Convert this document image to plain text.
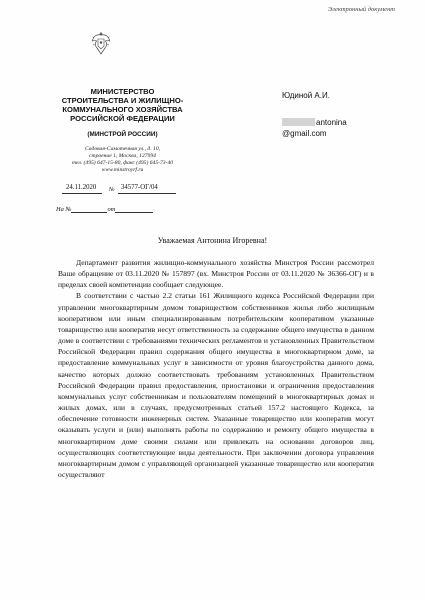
Электронный документ
МИНИСТЕРСТВО
СТРОИТЕЛЬСТВА И ЖИЛИЩНО-
КОММУНАЛЬНОГО ХОЗЯЙСТВА
РОССИЙСКОЙ ФЕДЕРАЦИИ
(МИНСТРОЙ РОССИИ)
Садовая-Самотечная ул., д. 10,
строение 1, Москва, 127994
тел. (495) 647-15-80, факс (495) 645-73-40
www.minstroyrf.ru
24.11.2020 № 34577-ОГ/04
На №	от
Юдиной А.И.
antonina
@gmail.com
Уважаемая Антонина Игоревна!

Департамент развития жилищно-коммунального хозяйства Минстроя России рассмотрел Ваше обращение от 03.11.2020 № 157897 (вх. Минстроя России от 03.11.2020 № 36366-ОГ) и в пределах своей компетенции сообщает следующее.

В соответствии с частью 2.2 статьи 161 Жилищного кодекса Российской Федерации при управлении многоквартирным домом товариществом собственников жилья либо жилищным кооперативом или иным специализированным потребительским кооперативом указанные товарищество или кооператив несут ответственность за содержание общего имущества в данном доме в соответствии с требованиями технических регламентов и установленных Правительством Российской Федерации правил содержания общего имущества в многоквартирном доме, за предоставление коммунальных услуг в зависимости от уровня благоустройства данного дома, качество которых должно соответствовать требованиям установленных Правительством Российской Федерации правил предоставления, приостановки и ограничения предоставления коммунальных услуг собственникам и пользователям помещений в многоквартирных домах и жилых домах, или в случаях, предусмотренных статьей 157.2 настоящего Кодекса, за обеспечение готовности инженерных систем. Указанные товарищество или кооператив могут оказывать услуги и (или) выполнять работы по содержанию и ремонту общего имущества в многоквартирном доме своими силами или привлекать на основании договоров лиц, осуществляющих соответствующие виды деятельности. При заключении договора управления многоквартирным домом с управляющей организацией указанные товарищество или кооператив осуществляют
